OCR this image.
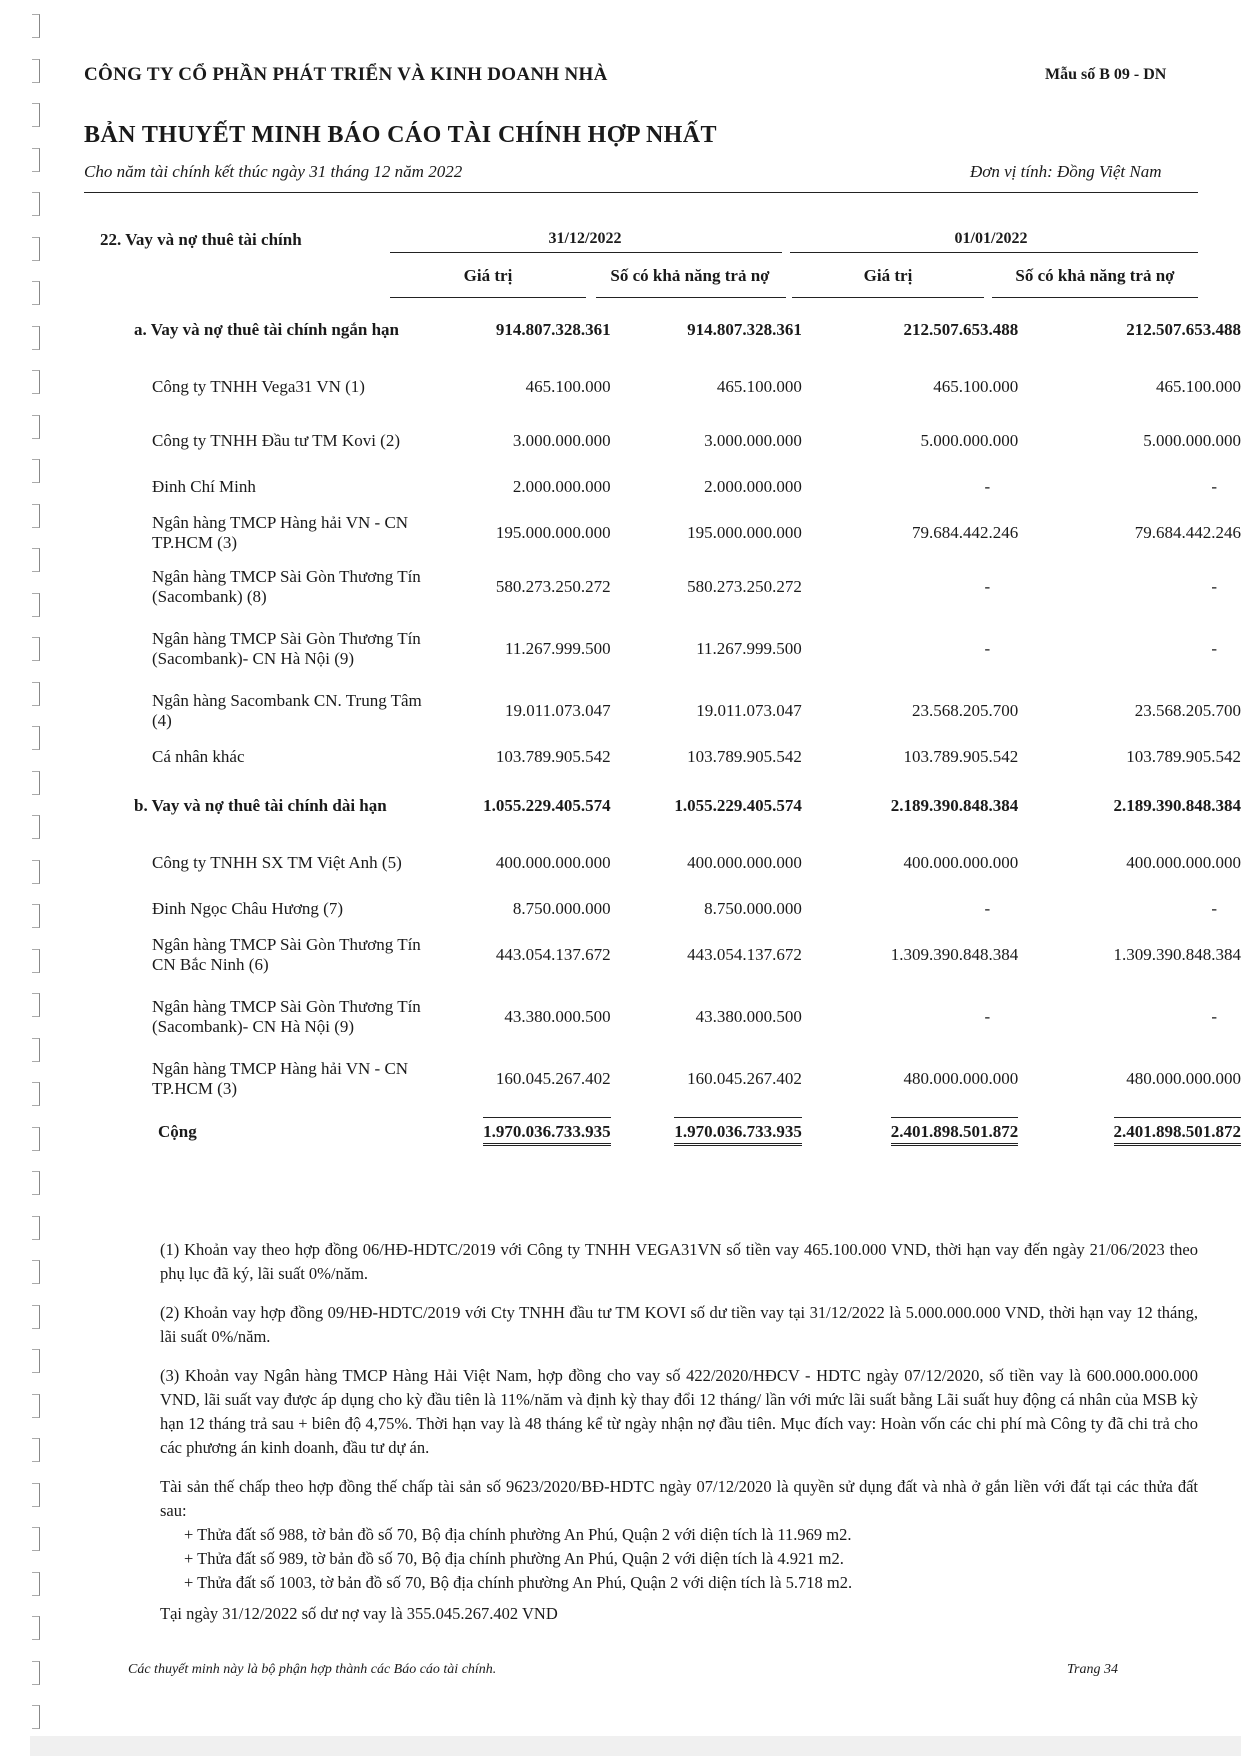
CÔNG TY CỔ PHẦN PHÁT TRIỂN VÀ KINH DOANH NHÀ	Mẫu số B 09 - DN
BẢN THUYẾT MINH BÁO CÁO TÀI CHÍNH HỢP NHẤT
Cho năm tài chính kết thúc ngày 31 tháng 12 năm 2022	Đơn vị tính: Đồng Việt Nam
22. Vay và nợ thuê tài chính	31/12/2022	01/01/2022
Giá trị	Số có khả năng trả nợ	Giá trị	Số có khả năng trả nợ
a. Vay và nợ thuê tài chính ngắn hạn	914.807.328.361	914.807.328.361	212.507.653.488	212.507.653.488
Công ty TNHH Vega31 VN (1)	465.100.000	465.100.000	465.100.000	465.100.000
Công ty TNHH Đầu tư TM Kovi (2)	3.000.000.000	3.000.000.000	5.000.000.000	5.000.000.000
Đinh Chí Minh	2.000.000.000	2.000.000.000	-	-
Ngân hàng TMCP Hàng hải VN - CN TP.HCM (3)	195.000.000.000	195.000.000.000	79.684.442.246	79.684.442.246
Ngân hàng TMCP Sài Gòn Thương Tín (Sacombank) (8)	580.273.250.272	580.273.250.272	-	-
Ngân hàng TMCP Sài Gòn Thương Tín (Sacombank)- CN Hà Nội (9)	11.267.999.500	11.267.999.500	-	-
Ngân hàng Sacombank CN. Trung Tâm (4)	19.011.073.047	19.011.073.047	23.568.205.700	23.568.205.700
Cá nhân khác	103.789.905.542	103.789.905.542	103.789.905.542	103.789.905.542
b. Vay và nợ thuê tài chính dài hạn	1.055.229.405.574	1.055.229.405.574	2.189.390.848.384	2.189.390.848.384
Công ty TNHH SX TM Việt Anh (5)	400.000.000.000	400.000.000.000	400.000.000.000	400.000.000.000
Đinh Ngọc Châu Hương (7)	8.750.000.000	8.750.000.000	-	-
Ngân hàng TMCP Sài Gòn Thương Tín CN Bắc Ninh (6)	443.054.137.672	443.054.137.672	1.309.390.848.384	1.309.390.848.384
Ngân hàng TMCP Sài Gòn Thương Tín (Sacombank)- CN Hà Nội (9)	43.380.000.500	43.380.000.500	-	-
Ngân hàng TMCP Hàng hải VN - CN TP.HCM (3)	160.045.267.402	160.045.267.402	480.000.000.000	480.000.000.000
Cộng	1.970.036.733.935	1.970.036.733.935	2.401.898.501.872	2.401.898.501.872

(1) Khoản vay theo hợp đồng 06/HĐ-HDTC/2019 với Công ty TNHH VEGA31VN số tiền vay 465.100.000 VND, thời hạn vay đến ngày 21/06/2023 theo phụ lục đã ký, lãi suất 0%/năm.

(2) Khoản vay hợp đồng 09/HĐ-HDTC/2019 với Cty TNHH đầu tư TM KOVI số dư tiền vay tại 31/12/2022 là 5.000.000.000 VND, thời hạn vay 12 tháng, lãi suất 0%/năm.

(3) Khoản vay Ngân hàng TMCP Hàng Hải Việt Nam, hợp đồng cho vay số 422/2020/HĐCV - HDTC ngày 07/12/2020, số tiền vay là 600.000.000.000 VND, lãi suất vay được áp dụng cho kỳ đầu tiên là 11%/năm và định kỳ thay đổi 12 tháng/ lần với mức lãi suất bằng Lãi suất huy động cá nhân của MSB kỳ hạn 12 tháng trả sau + biên độ 4,75%. Thời hạn vay là 48 tháng kể từ ngày nhận nợ đầu tiên. Mục đích vay: Hoàn vốn các chi phí mà Công ty đã chi trả cho các phương án kinh doanh, đầu tư dự án.

Tài sản thế chấp theo hợp đồng thế chấp tài sản số 9623/2020/BĐ-HDTC ngày 07/12/2020 là quyền sử dụng đất và nhà ở gắn liền với đất tại các thửa đất sau:

+ Thửa đất số 988, tờ bản đồ số 70, Bộ địa chính phường An Phú, Quận 2 với diện tích là 11.969 m2.
+ Thửa đất số 989, tờ bản đồ số 70, Bộ địa chính phường An Phú, Quận 2 với diện tích là 4.921 m2.
+ Thửa đất số 1003, tờ bản đồ số 70, Bộ địa chính phường An Phú, Quận 2 với diện tích là 5.718 m2.

Tại ngày 31/12/2022 số dư nợ vay là 355.045.267.402 VND

Các thuyết minh này là bộ phận hợp thành các Báo cáo tài chính.	Trang 34
